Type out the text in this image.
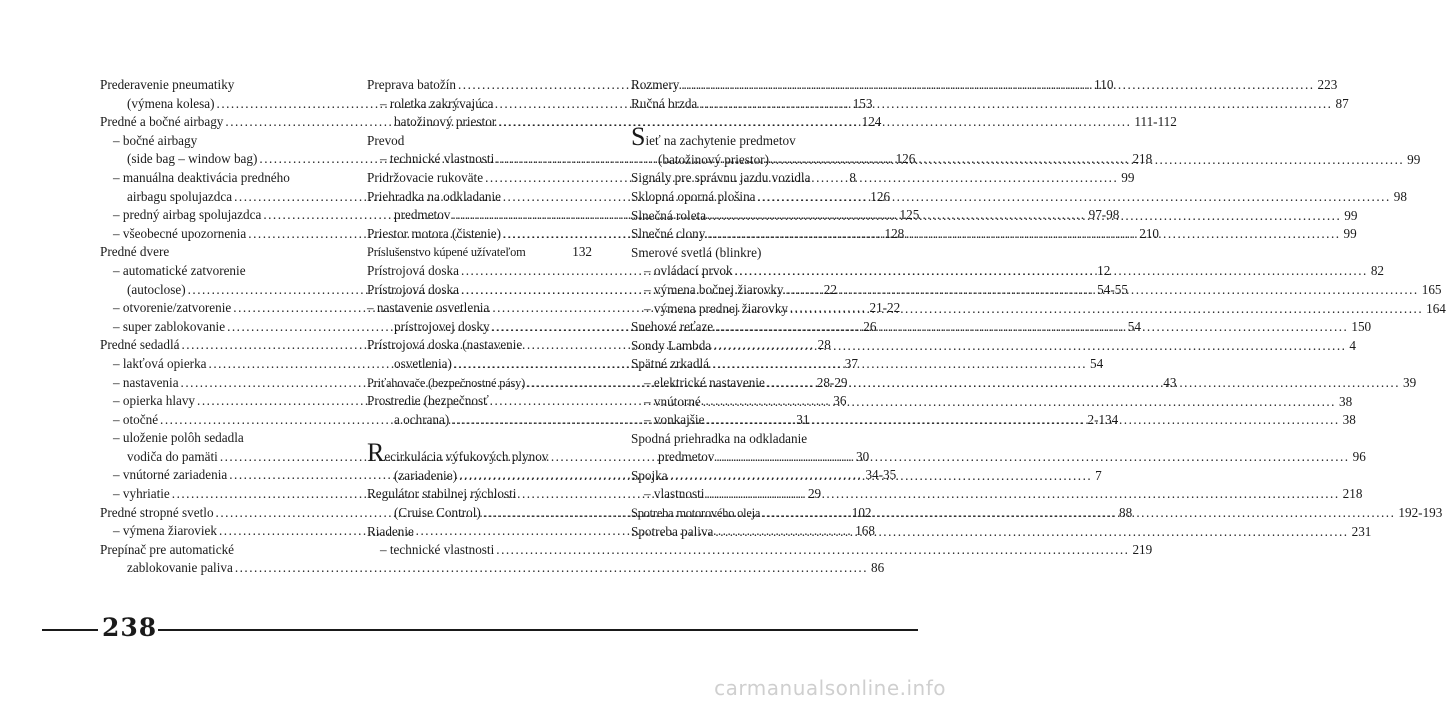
Prederavenie pneumatiky
(výmena kolesa) .....	153
Predné a bočné airbagy .....	124
– bočné airbagy
(side bag – window bag) .....	126
– manuálna deaktivácia predného
airbagu spolujazdca .....	126
– predný airbag spolujazdca .....	125
– všeobecné upozornenia .....	128
Predné dvere
– automatické zatvorenie
(autoclose) .....	22
– otvorenie/zatvorenie .....	21-22
– super zablokovanie .....	26
Predné sedadlá .....	28
– lakťová opierka .....	37
– nastavenia .....	28-29
– opierka hlavy .....	36
– otočné .....	31
– uloženie polôh sedadla
vodiča do pamäti .....	30
– vnútorné zariadenia .....	34-35
– vyhriatie .....	29
Predné stropné svetlo .....	102
– výmena žiaroviek .....	168
Prepínač pre automatické
zablokovanie paliva .....	86
Preprava batožín .....	110
– roletka zakrývajúca
batožinový priestor .....	111-112
Prevod
– technické vlastnosti .....	218
Pridržovacie rukoväte .....	99
Priehradka na odkladanie
predmetov .....	97-98
Priestor motora (čistenie) .....	210
Príslušenstvo kúpené užívateľom	132
Prístrojová doska .....	12
Prístrojová doska .....	54-55
– nastavenie osvetlenia
prístrojovej dosky .....	54
Prístrojová doska (nastavenie
osvetlenia) .....	54
Priťahovače (bezpečnostné pásy) .....	43
Prostredie (bezpečnosť
a ochrana) .....	2-134
Recirkulácia výfukových plynov
(zariadenie) .....	7
Regulátor stabilnej rýchlosti
(Cruise Control) .....	88
Riadenie
– technické vlastnosti .....	219
Rozmery .....	223
Ručná brzda .....	87
Sieť na zachytenie predmetov
(batožinový priestor) .....	99
Signály pre správnu jazdu vozidla	8
Sklopná oporná plošina .....	98
Slnečná roleta .....	99
Slnečné clony .....	99
Smerové svetlá (blinkre)
– ovládací prvok .....	82
– výmena bočnej žiarovky .....	165
– výmena prednej žiarovky .....	164
Snehové reťaze .....	150
Sondy Lambda .....	4
Spätné zrkadlá
– elektrické nastavenie .....	39
– vnútorné .....	38
– vonkajšie .....	38
Spodná priehradka na odkladanie
predmetov .....	96
Spojka
– vlastnosti .....	218
Spotreba motorového oleja .....	192-193
Spotreba paliva .....	231
238
carmanualsonline.info
